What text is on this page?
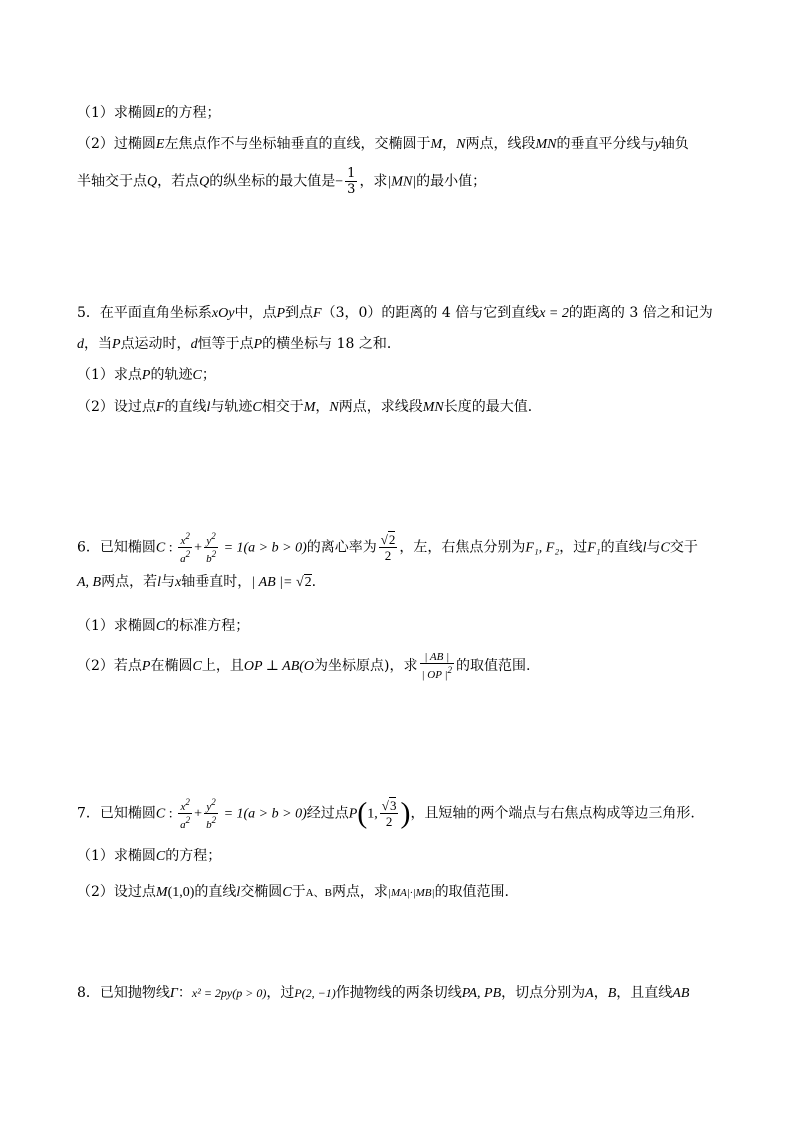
（1）求椭圆E的方程；
（2）过椭圆E左焦点作不与坐标轴垂直的直线，交椭圆于M，N两点，线段MN的垂直平分线与y轴负
半轴交于点Q，若点Q的纵坐标的最大值是− $\frac{1}{3}$ ，求|MN|的最小值；
5．在平面直角坐标系xOy中，点P到点F（3，0）的距离的 4 倍与它到直线x = 2的距离的 3 倍之和记为
d，当P点运动时，d恒等于点P的横坐标与 18 之和．
（1）求点P的轨迹C；
（2）设过点F的直线l与轨迹C相交于M，N两点，求线段MN长度的最大值．
6．已知椭圆C : $\frac{x^2}{a^2} + \frac{y^2}{b^2} = 1(a > b > 0)$的离心率为 $\frac{√2}{2}$ ，左，右焦点分别为F₁, F₂，过F₁的直线l与C交于
A, B两点，若l与x轴垂直时，| AB |= √2.
（1）求椭圆C的标准方程；
（2）若点P在椭圆C上，且OP ⊥ AB(O为坐标原点)，求 $\frac{| AB |}{| OP |^2}$ 的取值范围.
7．已知椭圆C : $\frac{x^2}{a^2} + \frac{y^2}{b^2} = 1(a > b > 0)$经过点P(1, $\frac{√3}{2}$ )，且短轴的两个端点与右焦点构成等边三角形.
（1）求椭圆C的方程；
（2）设过点M(1,0)的直线l交椭圆C于A、B两点，求|MA|·|MB|的取值范围.
8．已知抛物线Γ：x² = 2py(p > 0)，过P(2, −1)作抛物线的两条切线PA, PB，切点分别为A，B，且直线AB
